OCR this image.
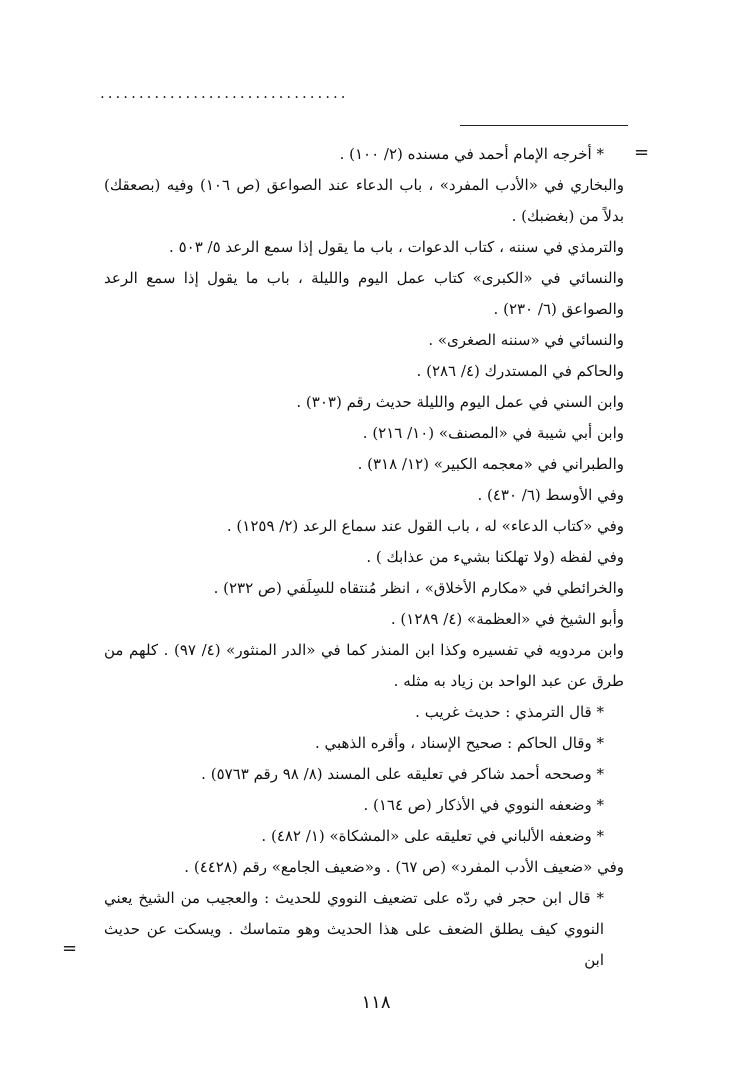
................................
=

* أخرجه الإمام أحمد في مسنده (٢/ ١٠٠) .

والبخاري في «الأدب المفرد» ، باب الدعاء عند الصواعق (ص ١٠٦) وفيه (بصعقك) بدلاً من (بغضبك) .

والترمذي في سننه ، كتاب الدعوات ، باب ما يقول إذا سمع الرعد ٥/ ٥٠٣ .

والنسائي في «الكبرى» كتاب عمل اليوم والليلة ، باب ما يقول إذا سمع الرعد والصواعق (٦/ ٢٣٠) .

والنسائي في «سننه الصغرى» .

والحاكم في المستدرك (٤/ ٢٨٦) .

وابن السني في عمل اليوم والليلة حديث رقم (٣٠٣) .

وابن أبي شيبة في «المصنف» (١٠/ ٢١٦) .

والطبراني في «معجمه الكبير» (١٢/ ٣١٨) .

وفي الأوسط (٦/ ٤٣٠) .

وفي «كتاب الدعاء» له ، باب القول عند سماع الرعد (٢/ ١٢٥٩) .

وفي لفظه (ولا تهلكنا بشيء من عذابك ) .

والخرائطي في «مكارم الأخلاق» ، انظر مُنتقاه للسِلَفي (ص ٢٣٢) .

وأبو الشيخ في «العظمة» (٤/ ١٢٨٩) .

وابن مردويه في تفسيره وكذا ابن المنذر كما في «الدر المنثور» (٤/ ٩٧) . كلهم من طرق عن عبد الواحد بن زياد به مثله .

* قال الترمذي : حديث غريب .

* وقال الحاكم : صحيح الإسناد ، وأقره الذهبي .

* وصححه أحمد شاكر في تعليقه على المسند (٨/ ٩٨ رقم ٥٧٦٣) .

* وضعفه النووي في الأذكار (ص ١٦٤) .

* وضعفه الألباني في تعليقه على «المشكاة» (١/ ٤٨٢) .

وفي «ضعيف الأدب المفرد» (ص ٦٧) . و«ضعيف الجامع» رقم (٤٤٢٨) .

* قال ابن حجر في ردّه على تضعيف النووي للحديث : والعجيب من الشيخ يعني النووي كيف يطلق الضعف على هذا الحديث وهو متماسك . ويسكت عن حديث ابن

=
١١٨
